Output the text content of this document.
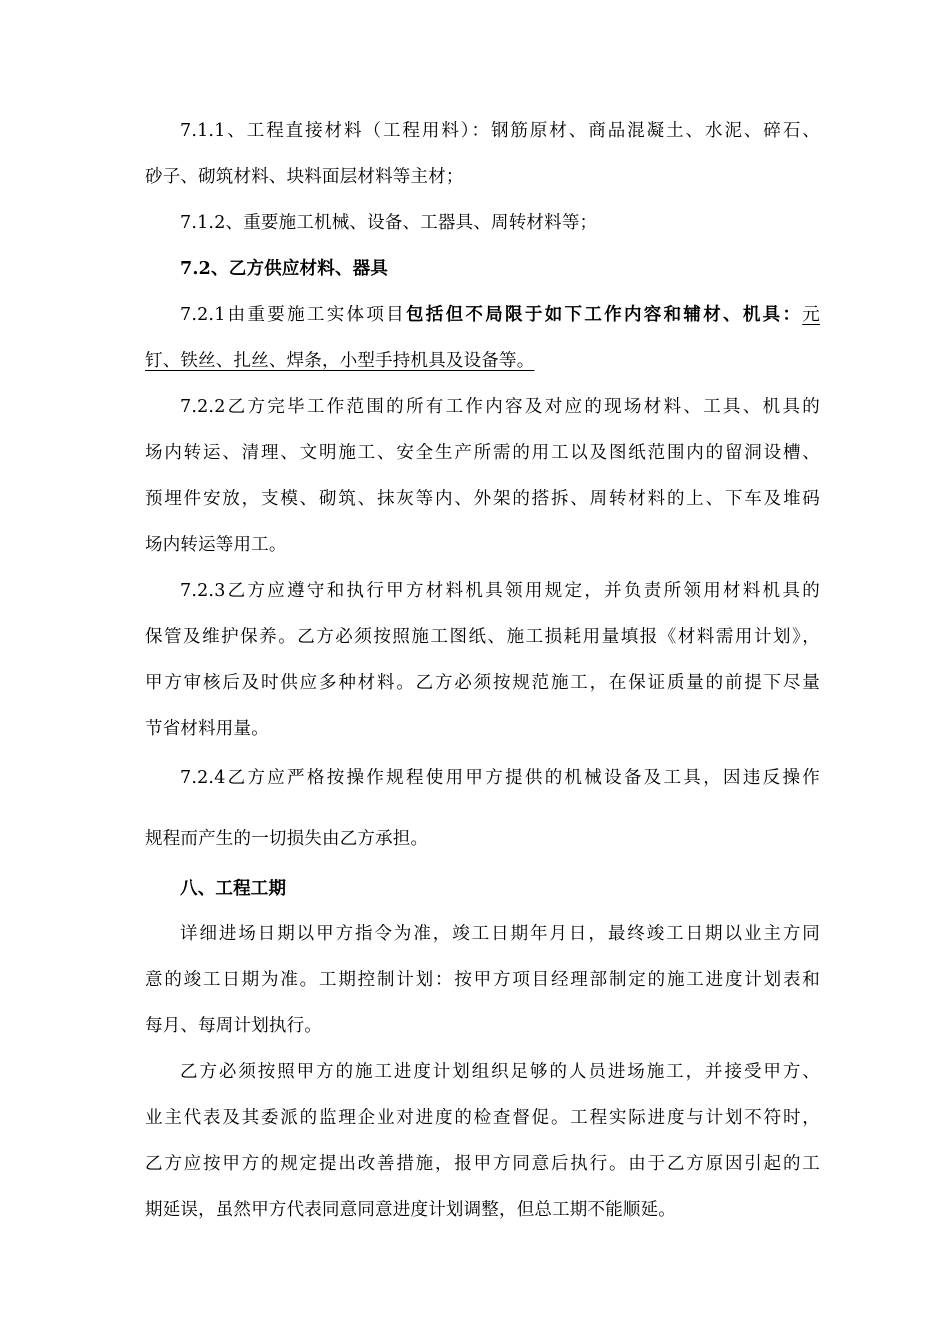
7.1.1、工程直接材料（工程用料）：钢筋原材、商品混凝土、水泥、碎石、
砂子、砌筑材料、块料面层材料等主材；
7.1.2、重要施工机械、设备、工器具、周转材料等；
7.2、乙方供应材料、器具
7.2.1由重要施工实体项目包括但不局限于如下工作内容和辅材、机具：元
钉、铁丝、扎丝、焊条，小型手持机具及设备等。
7.2.2乙方完毕工作范围的所有工作内容及对应的现场材料、工具、机具的
场内转运、清理、文明施工、安全生产所需的用工以及图纸范围内的留洞设槽、
预埋件安放，支模、砌筑、抹灰等内、外架的搭拆、周转材料的上、下车及堆码
场内转运等用工。
7.2.3乙方应遵守和执行甲方材料机具领用规定，并负责所领用材料机具的
保管及维护保养。乙方必须按照施工图纸、施工损耗用量填报《材料需用计划》，
甲方审核后及时供应多种材料。乙方必须按规范施工，在保证质量的前提下尽量
节省材料用量。
7.2.4乙方应严格按操作规程使用甲方提供的机械设备及工具，因违反操作
规程而产生的一切损失由乙方承担。
八、工程工期
详细进场日期以甲方指令为准，竣工日期年月日，最终竣工日期以业主方同
意的竣工日期为准。工期控制计划：按甲方项目经理部制定的施工进度计划表和
每月、每周计划执行。
乙方必须按照甲方的施工进度计划组织足够的人员进场施工，并接受甲方、
业主代表及其委派的监理企业对进度的检查督促。工程实际进度与计划不符时，
乙方应按甲方的规定提出改善措施，报甲方同意后执行。由于乙方原因引起的工
期延误，虽然甲方代表同意同意进度计划调整，但总工期不能顺延。
